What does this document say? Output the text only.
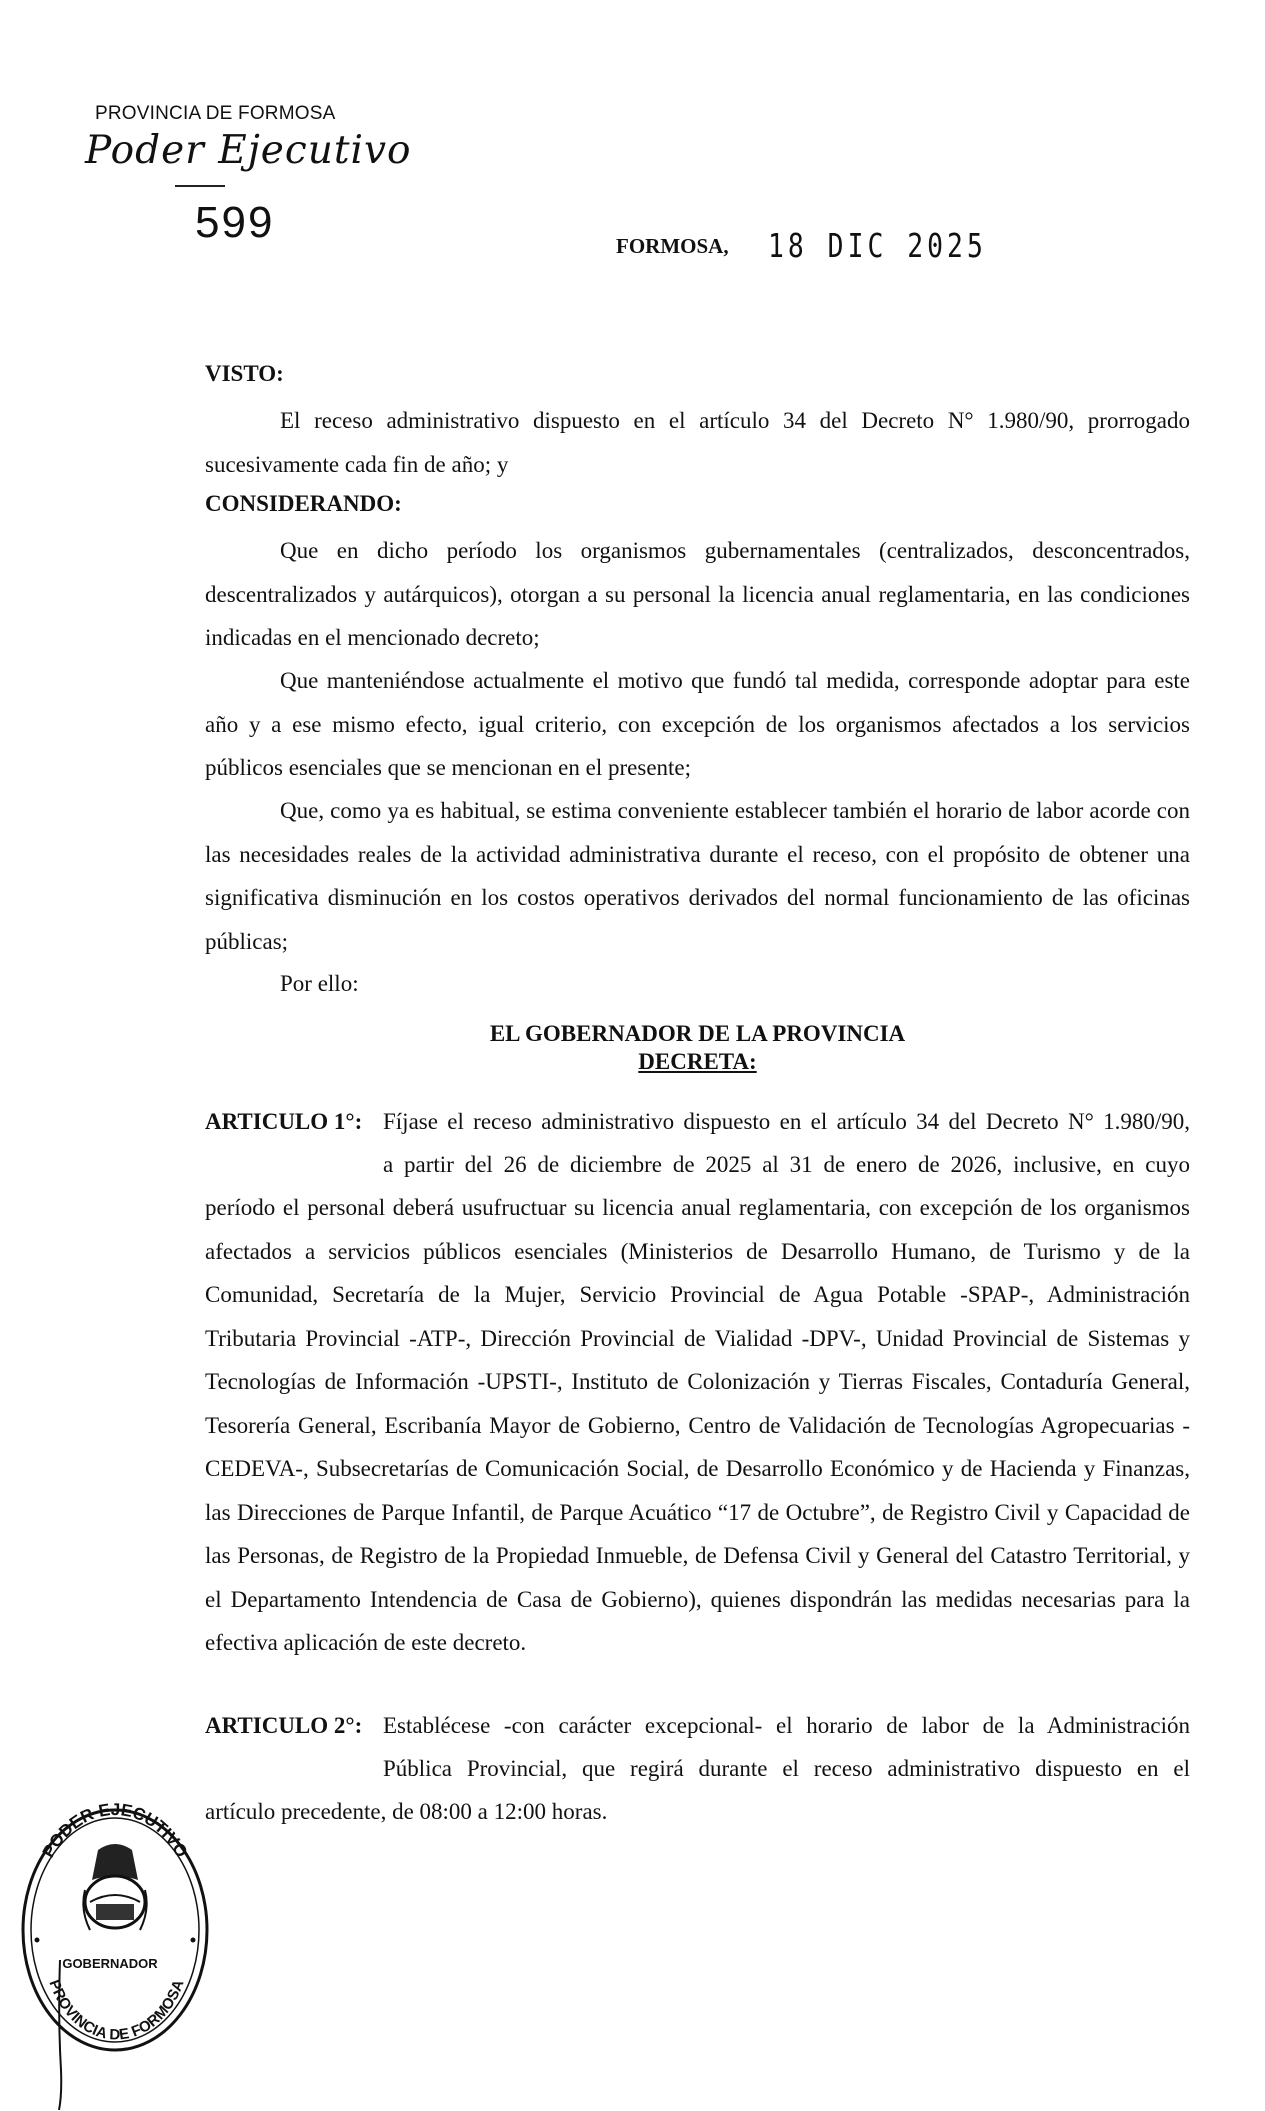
PROVINCIA DE FORMOSA
Poder Ejecutivo
599	FORMOSA, 18 DIC 2025
VISTO:

El receso administrativo dispuesto en el artículo 34 del Decreto N° 1.980/90, prorrogado sucesivamente cada fin de año; y

CONSIDERANDO:

Que en dicho período los organismos gubernamentales (centralizados, desconcentrados, descentralizados y autárquicos), otorgan a su personal la licencia anual reglamentaria, en las condiciones indicadas en el mencionado decreto;

Que manteniéndose actualmente el motivo que fundó tal medida, corresponde adoptar para este año y a ese mismo efecto, igual criterio, con excepción de los organismos afectados a los servicios públicos esenciales que se mencionan en el presente;

Que, como ya es habitual, se estima conveniente establecer también el horario de labor acorde con las necesidades reales de la actividad administrativa durante el receso, con el propósito de obtener una significativa disminución en los costos operativos derivados del normal funcionamiento de las oficinas públicas;

Por ello:

EL GOBERNADOR DE LA PROVINCIA
DECRETA:
ARTICULO 1°: Fíjase el receso administrativo dispuesto en el artículo 34 del Decreto N° 1.980/90,
a partir del 26 de diciembre de 2025 al 31 de enero de 2026, inclusive, en cuyo

período el personal deberá usufructuar su licencia anual reglamentaria, con excepción de los organismos afectados a servicios públicos esenciales (Ministerios de Desarrollo Humano, de Turismo y de la Comunidad, Secretaría de la Mujer, Servicio Provincial de Agua Potable -SPAP-, Administración Tributaria Provincial -ATP-, Dirección Provincial de Vialidad -DPV-, Unidad Provincial de Sistemas y Tecnologías de Información -UPSTI-, Instituto de Colonización y Tierras Fiscales, Contaduría General, Tesorería General, Escribanía Mayor de Gobierno, Centro de Validación de Tecnologías Agropecuarias -CEDEVA-, Subsecretarías de Comunicación Social, de Desarrollo Económico y de Hacienda y Finanzas, las Direcciones de Parque Infantil, de Parque Acuático “17 de Octubre”, de Registro Civil y Capacidad de las Personas, de Registro de la Propiedad Inmueble, de Defensa Civil y General del Catastro Territorial, y el Departamento Intendencia de Casa de Gobierno), quienes dispondrán las medidas necesarias para la efectiva aplicación de este decreto.

ARTICULO 2°: Establécese -con carácter excepcional- el horario de labor de la Administración
Pública Provincial, que regirá durante el receso administrativo dispuesto en el

artículo precedente, de 08:00 a 12:00 horas.

PODER EJECUTIVO
PROVINCIA DE FORMOSA
GOBERNADOR
